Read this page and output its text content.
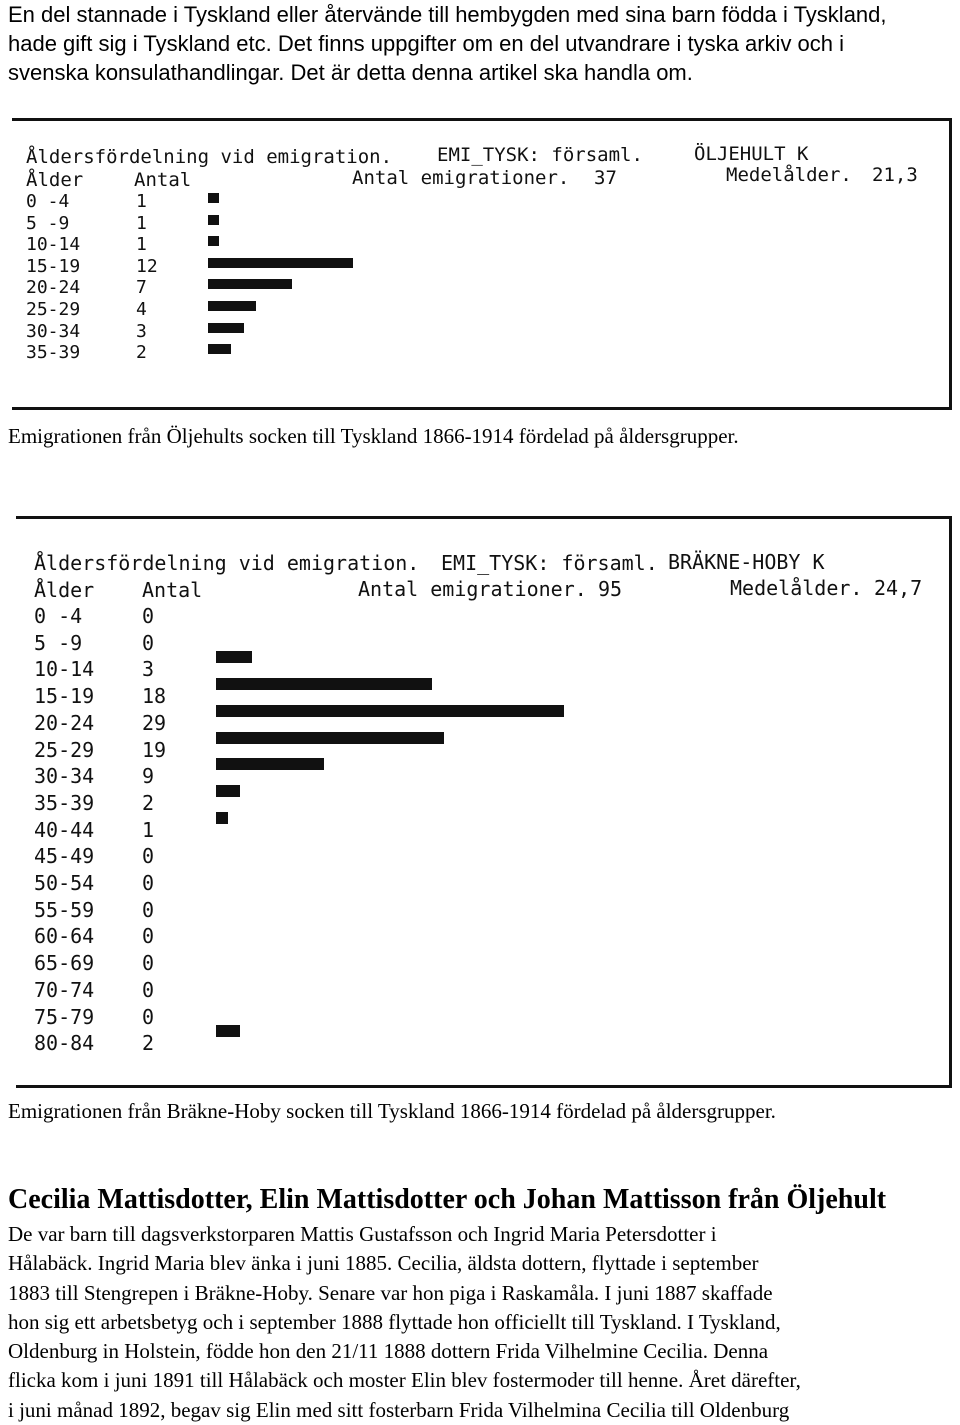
En del stannade i Tyskland eller återvände till hembygden med sina barn födda i Tyskland,
hade gift sig i Tyskland etc. Det finns uppgifter om en del utvandrare i tyska arkiv och i
svenska konsulathandlingar. Det är detta denna artikel ska handla om.
Åldersfördelning vid emigration. EMI_TYSK: församl.	ÖLJEHULT K
Ålder	Antal	Antal emigrationer. 37	Medelålder. 21,3
0 -4	1
5 -9	1
10-14	1
15-19	12
20-24	7
25-29	4
30-34	3
35-39	2
Emigrationen från Öljehults socken till Tyskland 1866-1914 fördelad på åldersgrupper.
Åldersfördelning vid emigration. EMI_TYSK: församl. BRÄKNE-HOBY K
Ålder Antal	Antal emigrationer. 95	Medelålder. 24,7
0 -4	0
5 -9	0
10-14 3
15-19 18
20-24 29
25-29 19
30-34 9
35-39 2
40-44 1
45-49 0
50-54 0
55-59 0
60-64 0
65-69 0
70-74 0
75-79 0
80-84 2
Emigrationen från Bräkne-Hoby socken till Tyskland 1866-1914 fördelad på åldersgrupper.
Cecilia Mattisdotter, Elin Mattisdotter och Johan Mattisson från Öljehult
De var barn till dagsverkstorparen Mattis Gustafsson och Ingrid Maria Petersdotter i
Hålabäck. Ingrid Maria blev änka i juni 1885. Cecilia, äldsta dottern, flyttade i september
1883 till Stengrepen i Bräkne-Hoby. Senare var hon piga i Raskamåla. I juni 1887 skaffade
hon sig ett arbetsbetyg och i september 1888 flyttade hon officiellt till Tyskland. I Tyskland,
Oldenburg in Holstein, födde hon den 21/11 1888 dottern Frida Vilhelmine Cecilia. Denna
flicka kom i juni 1891 till Hålabäck och moster Elin blev fostermoder till henne. Året därefter,
i juni månad 1892, begav sig Elin med sitt fosterbarn Frida Vilhelmina Cecilia till Oldenburg
